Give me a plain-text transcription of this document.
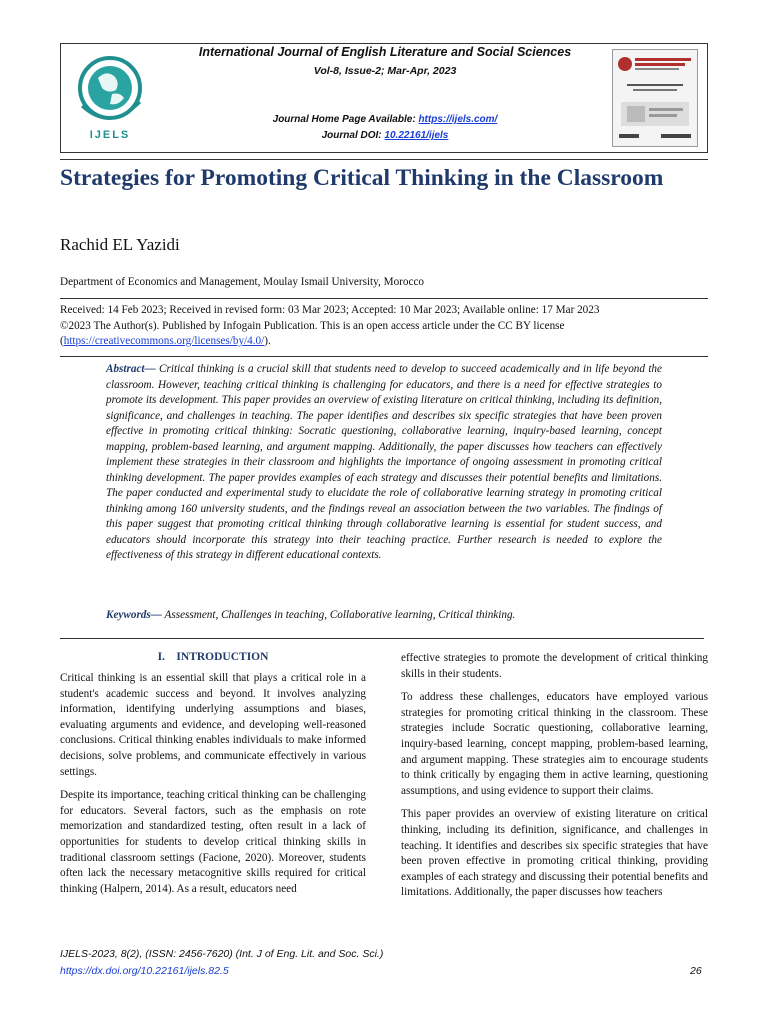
IJELS
International Journal of English Literature and Social Sciences
Vol-8, Issue-2; Mar-Apr, 2023
Journal Home Page Available: https://ijels.com/
Journal DOI: 10.22161/ijels
Strategies for Promoting Critical Thinking in the Classroom
Rachid EL Yazidi
Department of Economics and Management, Moulay Ismail University, Morocco
Received: 14 Feb 2023; Received in revised form: 03 Mar 2023; Accepted: 10 Mar 2023; Available online: 17 Mar 2023
©2023 The Author(s). Published by Infogain Publication. This is an open access article under the CC BY license
(https://creativecommons.org/licenses/by/4.0/).
Abstract— Critical thinking is a crucial skill that students need to develop to succeed academically and in life beyond the classroom. However, teaching critical thinking is challenging for educators, and there is a need for effective strategies to promote its development. This paper provides an overview of existing literature on critical thinking, including its definition, significance, and challenges in teaching. The paper identifies and describes six specific strategies that have been proven effective in promoting critical thinking: Socratic questioning, collaborative learning, inquiry-based learning, concept mapping, problem-based learning, and argument mapping. Additionally, the paper discusses how teachers can effectively implement these strategies in their classroom and highlights the importance of ongoing assessment in promoting critical thinking development. The paper provides examples of each strategy and discusses their potential benefits and limitations. The paper conducted and experimental study to elucidate the role of collaborative learning strategy in promoting critical thinking among 160 university students, and the findings reveal an association between the two variables. The findings of this paper suggest that promoting critical thinking through collaborative learning is essential for student success, and educators should incorporate this strategy into their teaching practice. Further research is needed to explore the effectiveness of this strategy in different educational contexts.
Keywords— Assessment, Challenges in teaching, Collaborative learning, Critical thinking.
I.    INTRODUCTION

Critical thinking is an essential skill that plays a critical role in a student's academic success and beyond. It involves analyzing information, identifying underlying assumptions and biases, evaluating arguments and evidence, and developing well-reasoned conclusions. Critical thinking enables individuals to make informed decisions, solve problems, and communicate effectively in various settings.

Despite its importance, teaching critical thinking can be challenging for educators. Several factors, such as the emphasis on rote memorization and standardized testing, often result in a lack of opportunities for students to develop critical thinking skills in traditional classroom settings (Facione, 2020). Moreover, students often lack the necessary metacognitive skills required for critical thinking (Halpern, 2014). As a result, educators need

effective strategies to promote the development of critical thinking skills in their students.

To address these challenges, educators have employed various strategies for promoting critical thinking in the classroom. These strategies include Socratic questioning, collaborative learning, inquiry-based learning, concept mapping, problem-based learning, and argument mapping. These strategies aim to encourage students to think critically by engaging them in active learning, questioning assumptions, and using evidence to support their claims.

This paper provides an overview of existing literature on critical thinking, including its definition, significance, and challenges in teaching. It identifies and describes six specific strategies that have been proven effective in promoting critical thinking, providing examples of each strategy and discussing their potential benefits and limitations. Additionally, the paper discusses how teachers

IJELS-2023, 8(2), (ISSN: 2456-7620) (Int. J of Eng. Lit. and Soc. Sci.)
https://dx.doi.org/10.22161/ijels.82.5	26
